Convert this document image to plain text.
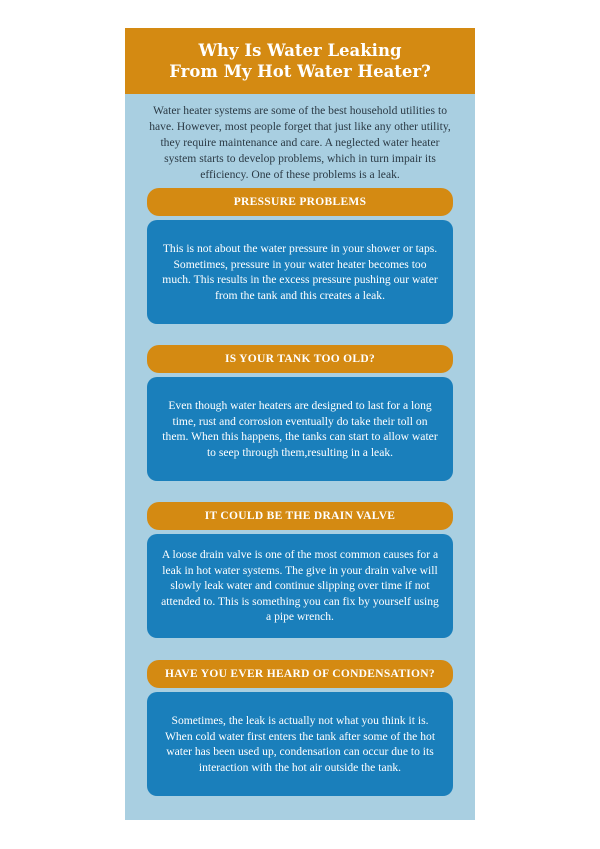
Why Is Water Leaking
From My Hot Water Heater?

Water heater systems are some of the best household utilities to have. However, most people forget that just like any other utility, they require maintenance and care. A neglected water heater system starts to develop problems, which in turn impair its efficiency. One of these problems is a leak.

PRESSURE PROBLEMS

This is not about the water pressure in your shower or taps. Sometimes, pressure in your water heater becomes too much. This results in the excess pressure pushing our water from the tank and this creates a leak.

IS YOUR TANK TOO OLD?

Even though water heaters are designed to last for a long time, rust and corrosion eventually do take their toll on them. When this happens, the tanks can start to allow water to seep through them,resulting in a leak.

IT COULD BE THE DRAIN VALVE

A loose drain valve is one of the most common causes for a leak in hot water systems. The give in your drain valve will slowly leak water and continue slipping over time if not attended to. This is something you can fix by yourself using a pipe wrench.

HAVE YOU EVER HEARD OF CONDENSATION?

Sometimes, the leak is actually not what you think it is. When cold water first enters the tank after some of the hot water has been used up, condensation can occur due to its interaction with the hot air outside the tank.
